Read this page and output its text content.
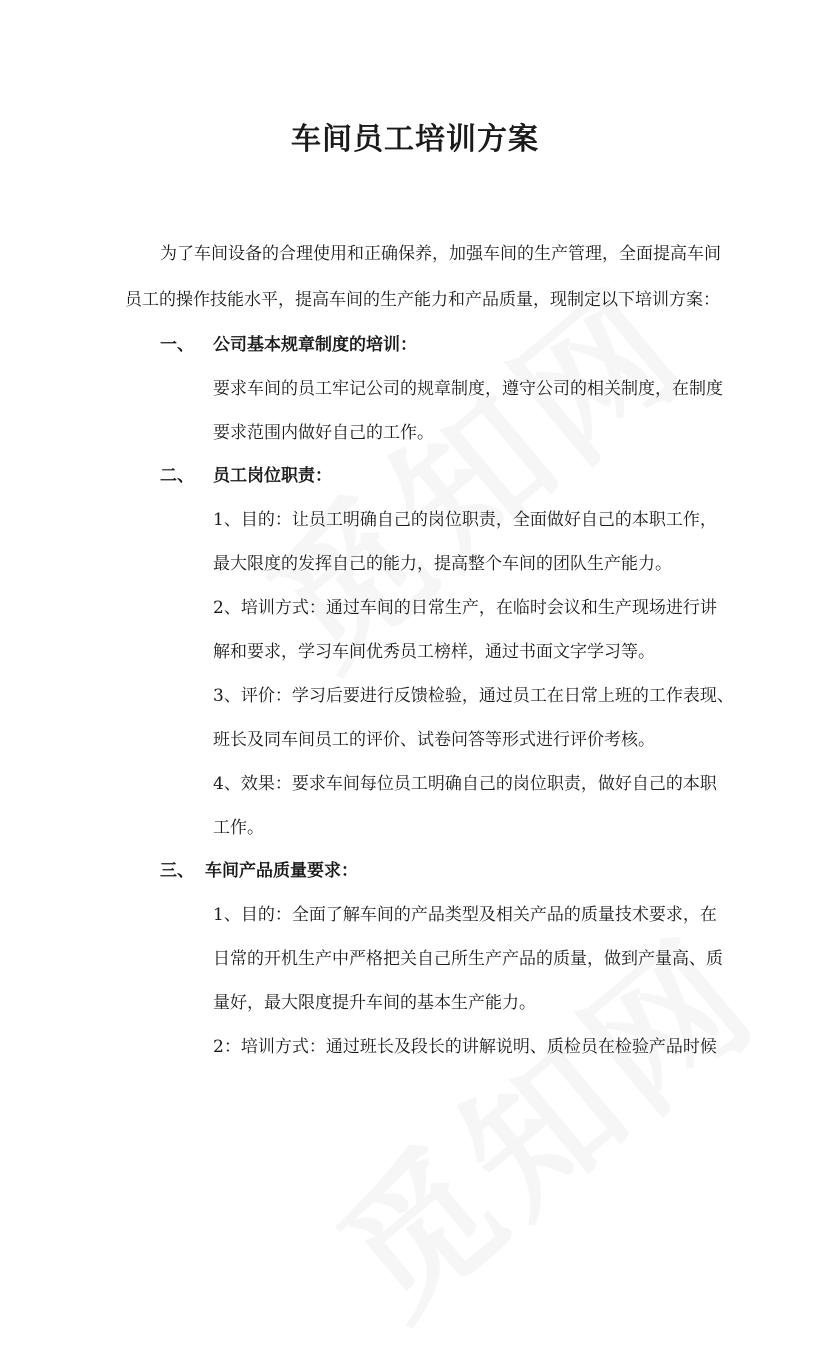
车间员工培训方案
为了车间设备的合理使用和正确保养，加强车间的生产管理，全面提高车间
员工的操作技能水平，提高车间的生产能力和产品质量，现制定以下培训方案：
一、 公司基本规章制度的培训：
要求车间的员工牢记公司的规章制度，遵守公司的相关制度，在制度
要求范围内做好自己的工作。
二、 员工岗位职责：
1、目的：让员工明确自己的岗位职责，全面做好自己的本职工作，
最大限度的发挥自己的能力，提高整个车间的团队生产能力。
2、培训方式：通过车间的日常生产，在临时会议和生产现场进行讲
解和要求，学习车间优秀员工榜样，通过书面文字学习等。
3、评价：学习后要进行反馈检验，通过员工在日常上班的工作表现、
班长及同车间员工的评价、试卷问答等形式进行评价考核。
4、效果：要求车间每位员工明确自己的岗位职责，做好自己的本职
工作。
三、 车间产品质量要求：
1、目的：全面了解车间的产品类型及相关产品的质量技术要求，在
日常的开机生产中严格把关自己所生产产品的质量，做到产量高、质
量好，最大限度提升车间的基本生产能力。
2：培训方式：通过班长及段长的讲解说明、质检员在检验产品时候
